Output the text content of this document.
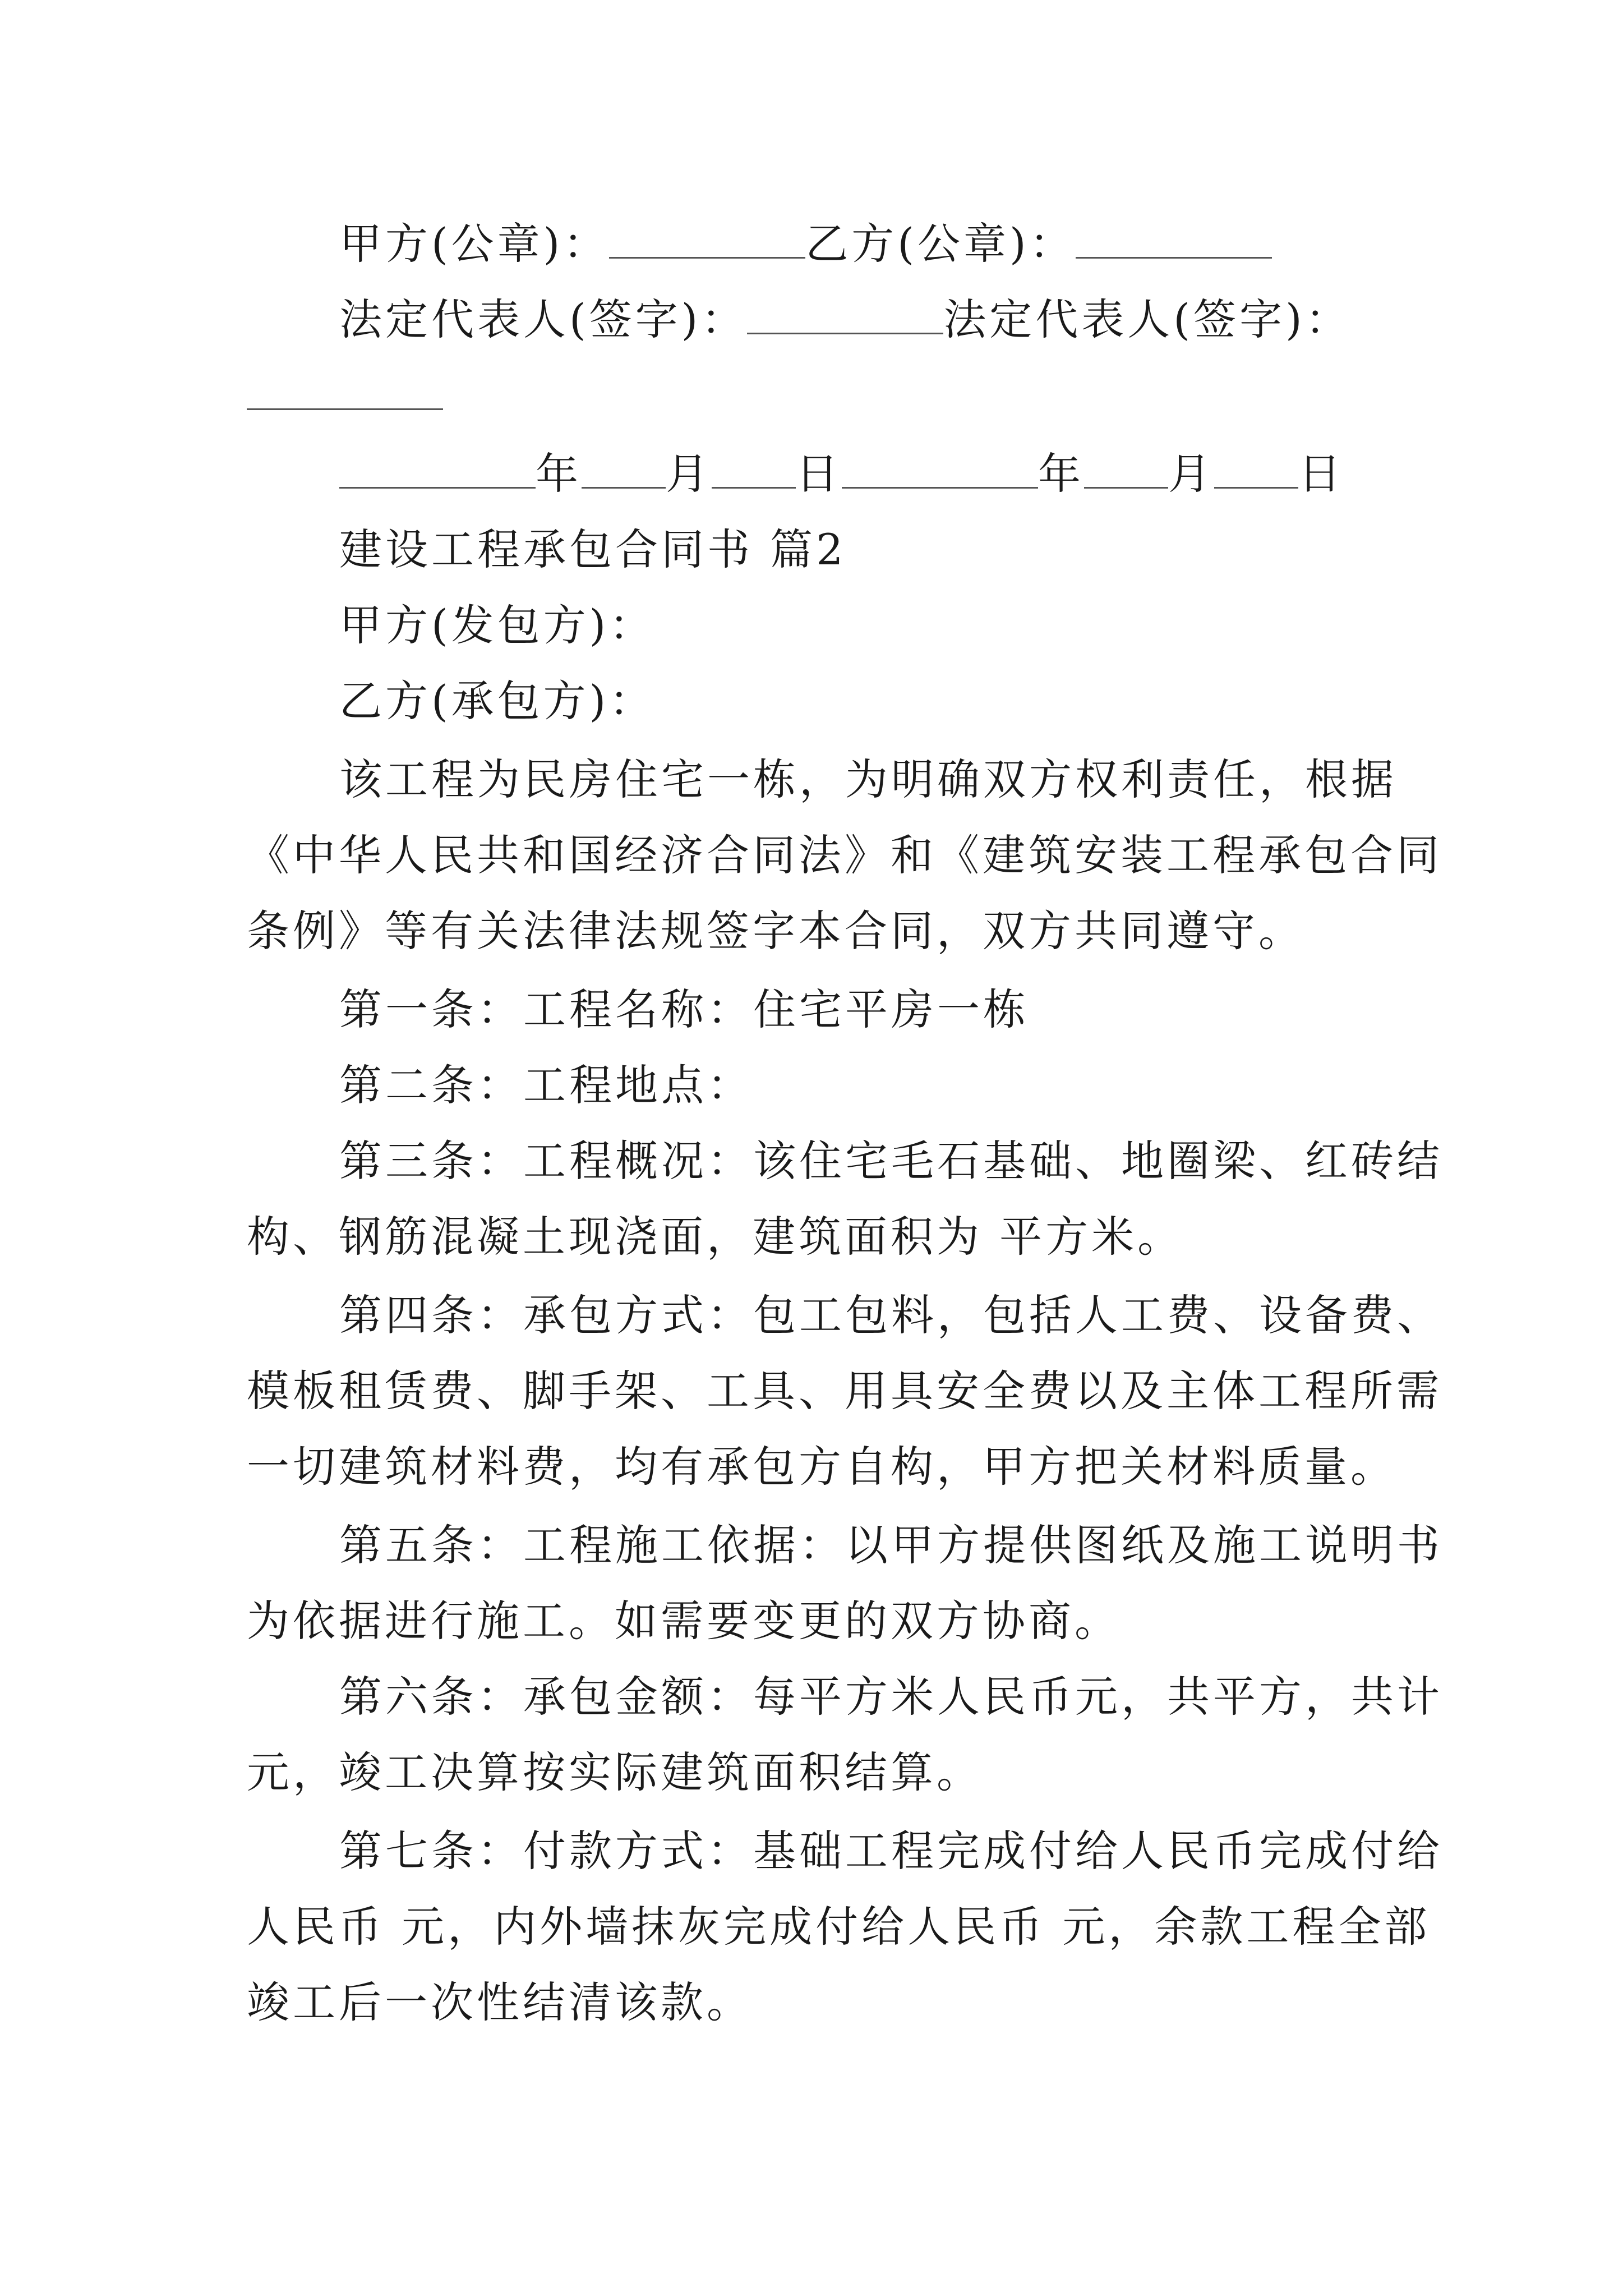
甲方(公章)：	乙方(公章)：
法定代表人(签字)：	法定代表人(签字)：
年 月 日	年 月 日
建设工程承包合同书 篇2
甲方(发包方)：
乙方(承包方)：
该工程为民房住宅一栋，为明确双方权利责任，根据
《中华人民共和国经济合同法》和《建筑安装工程承包合同
条例》等有关法律法规签字本合同，双方共同遵守。
第一条：工程名称：住宅平房一栋
第二条：工程地点：
第三条：工程概况：该住宅毛石基础、地圈梁、红砖结
构、钢筋混凝土现浇面，建筑面积为 平方米。
第四条：承包方式：包工包料，包括人工费、设备费、
模板租赁费、脚手架、工具、用具安全费以及主体工程所需
一切建筑材料费，均有承包方自构，甲方把关材料质量。
第五条：工程施工依据：以甲方提供图纸及施工说明书
为依据进行施工。如需要变更的双方协商。
第六条：承包金额：每平方米人民币元，共平方，共计
元，竣工决算按实际建筑面积结算。
第七条：付款方式：基础工程完成付给人民币完成付给
人民币 元，内外墙抹灰完成付给人民币 元，余款工程全部
竣工后一次性结清该款。
